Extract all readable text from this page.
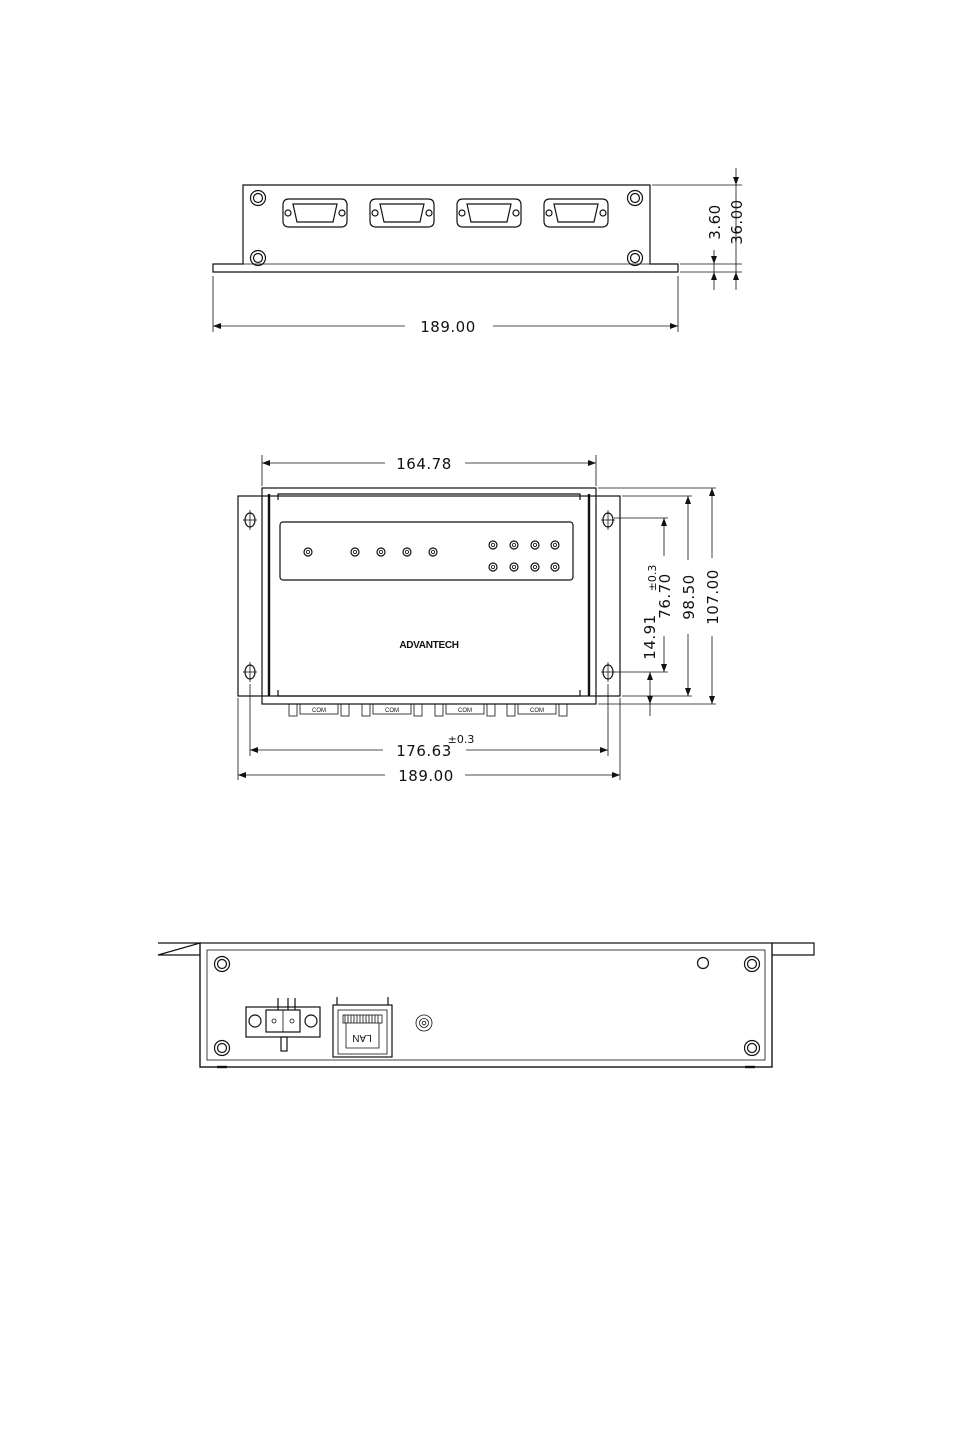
189.00
3.60 36.00
ADVANTECH
COM	COM	COM	COM
164.78
176.63
±0.3
189.00
76.70
±0.3
14.91
98.50 107.00
LAN
